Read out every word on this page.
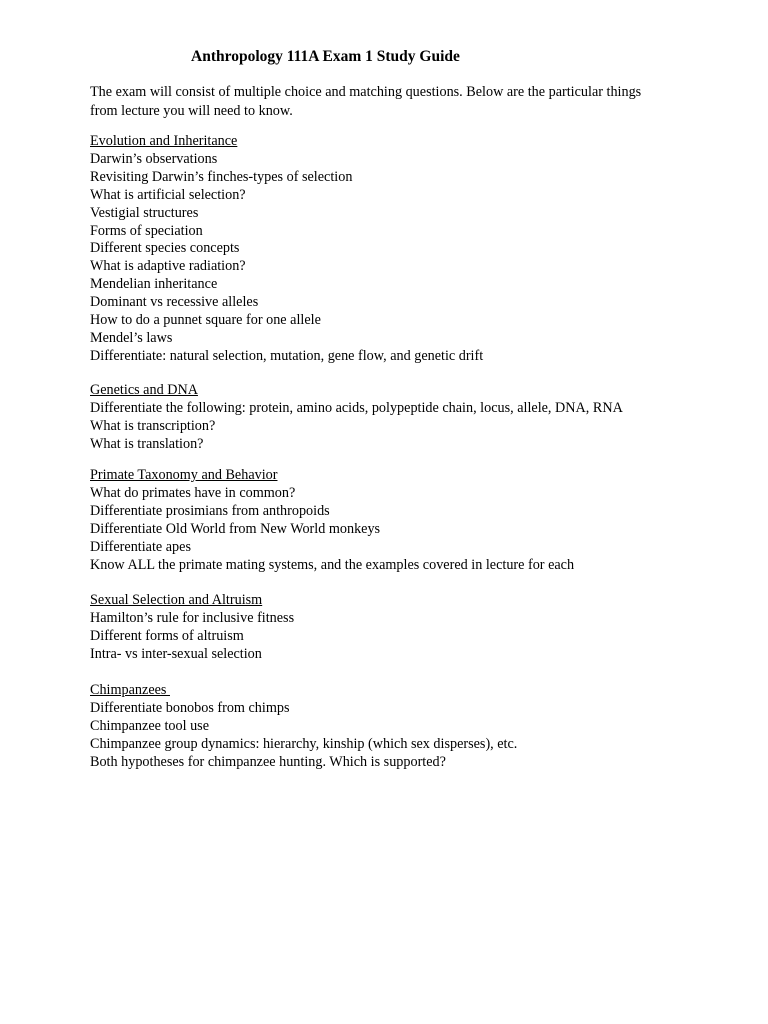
Anthropology 111A Exam 1 Study Guide
The exam will consist of multiple choice and matching questions. Below are the particular things
from lecture you will need to know.
Evolution and Inheritance
Darwin’s observations
Revisiting Darwin’s finches-types of selection
What is artificial selection?
Vestigial structures
Forms of speciation
Different species concepts
What is adaptive radiation?
Mendelian inheritance
Dominant vs recessive alleles
How to do a punnet square for one allele
Mendel’s laws
Differentiate: natural selection, mutation, gene flow, and genetic drift
Genetics and DNA
Differentiate the following: protein, amino acids, polypeptide chain, locus, allele, DNA, RNA
What is transcription?
What is translation?
Primate Taxonomy and Behavior
What do primates have in common?
Differentiate prosimians from anthropoids
Differentiate Old World from New World monkeys
Differentiate apes
Know ALL the primate mating systems, and the examples covered in lecture for each
Sexual Selection and Altruism
Hamilton’s rule for inclusive fitness
Different forms of altruism
Intra- vs inter-sexual selection
Chimpanzees
Differentiate bonobos from chimps
Chimpanzee tool use
Chimpanzee group dynamics: hierarchy, kinship (which sex disperses), etc.
Both hypotheses for chimpanzee hunting. Which is supported?
